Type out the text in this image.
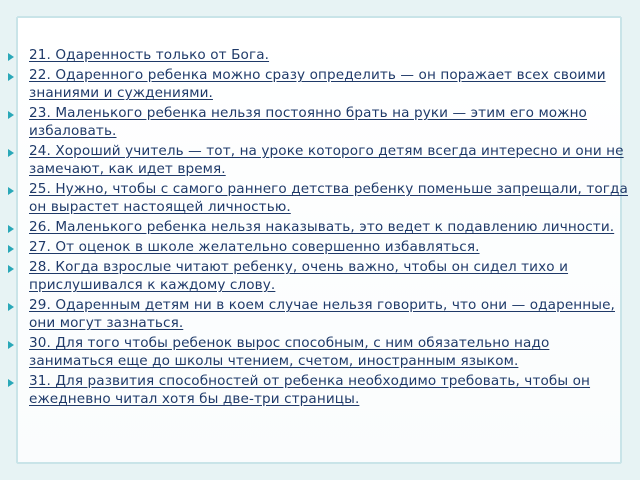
21. Одаренность только от Бога.
22. Одаренного ребенка можно сразу определить — он поражает всех своими знаниями и суждениями.
23. Маленького ребенка нельзя постоянно брать на руки — этим его можно избаловать.
24. Хороший учитель — тот, на уроке которого детям всегда интересно и они не замечают, как идет время.
25. Нужно, чтобы с самого раннего детства ребенку поменьше запрещали, тогда он вырастет настоящей личностью.
26. Маленького ребенка нельзя наказывать, это ведет к подавлению личности.
27. От оценок в школе желательно совершенно избавляться.
28. Когда взрослые читают ребенку, очень важно, чтобы он сидел тихо и прислушивался к каждому слову.
29. Одаренным детям ни в коем случае нельзя говорить, что они — одаренные, они могут зазнаться.
30. Для того чтобы ребенок вырос способным, с ним обязательно надо заниматься еще до школы чтением, счетом, иностранным языком.
31. Для развития способностей от ребенка необходимо требовать, чтобы он ежедневно читал хотя бы две-три страницы.
